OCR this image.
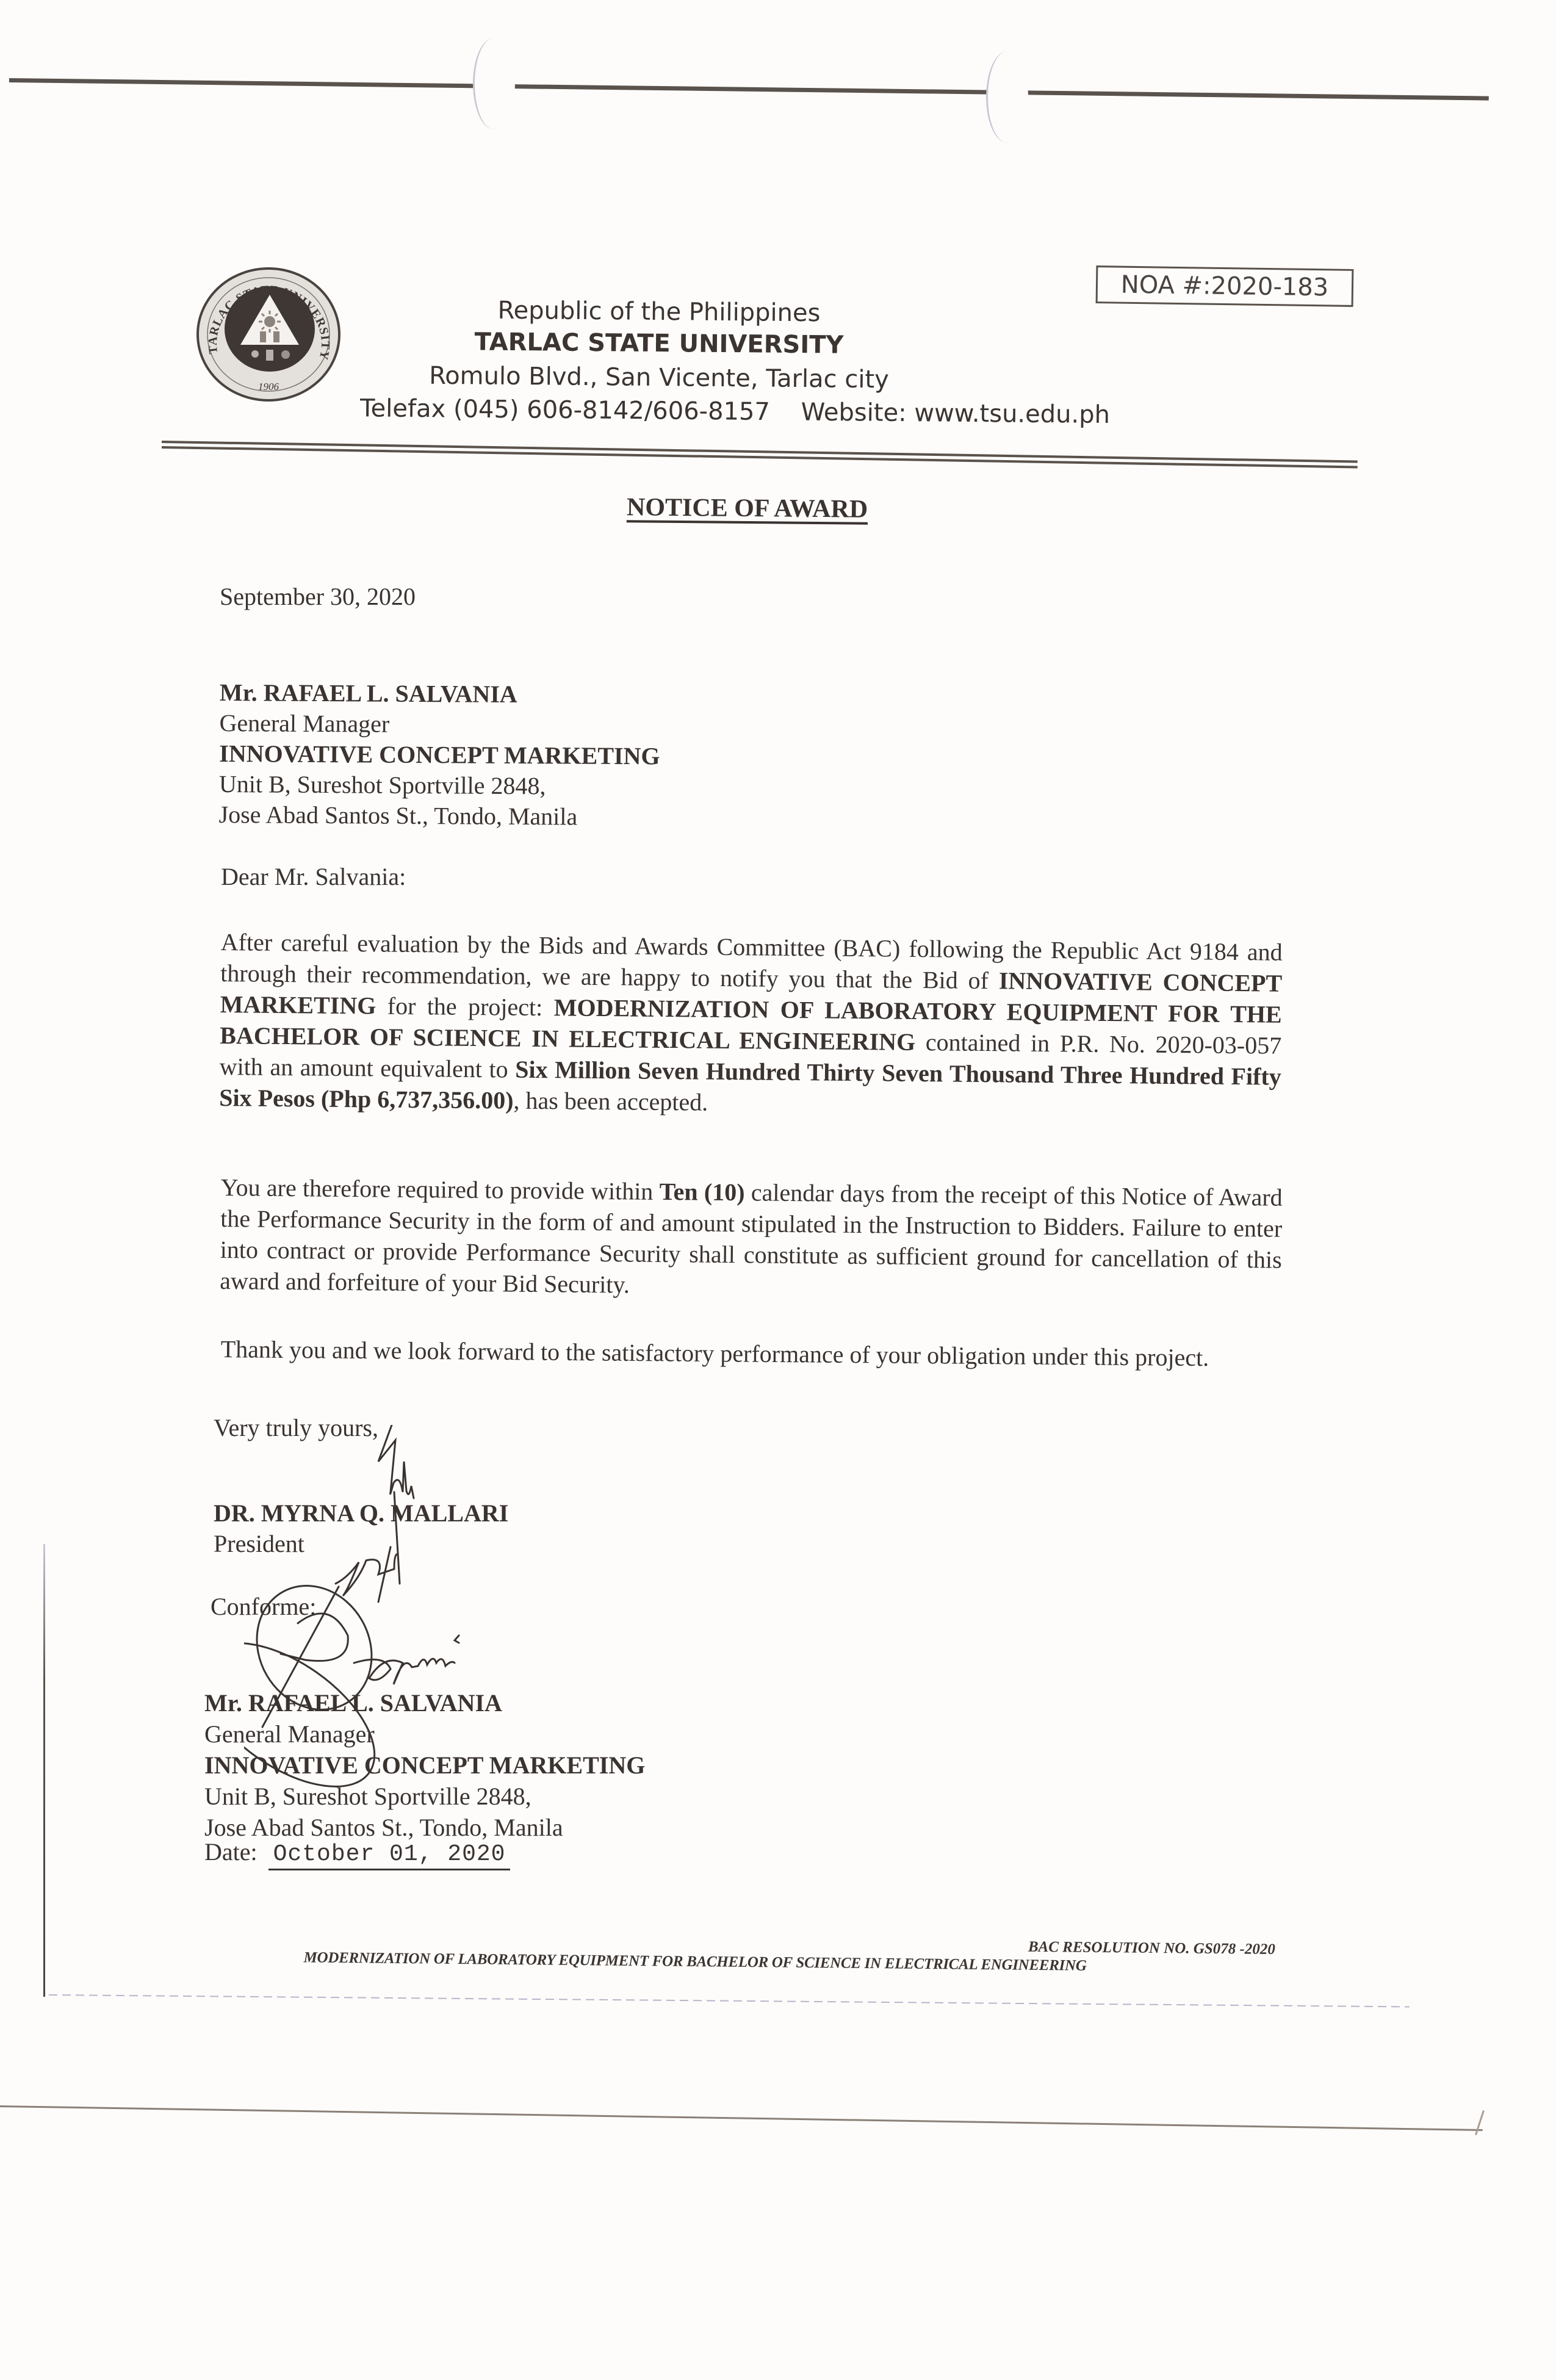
TARLAC STATE UNIVERSITY
1906
Republic of the Philippines
TARLAC STATE UNIVERSITY
Romulo Blvd., San Vicente, Tarlac city
Telefax (045) 606-8142/606-8157 Website: www.tsu.edu.ph
NOA #:2020-183
NOTICE OF AWARD
September 30, 2020
Mr. RAFAEL L. SALVANIA
General Manager
INNOVATIVE CONCEPT MARKETING
Unit B, Sureshot Sportville 2848,
Jose Abad Santos St., Tondo, Manila
Dear Mr. Salvania:
After careful evaluation by the Bids and Awards Committee (BAC) following the Republic Act 9184 and through their recommendation, we are happy to notify you that the Bid of INNOVATIVE CONCEPT MARKETING for the project: MODERNIZATION OF LABORATORY EQUIPMENT FOR THE BACHELOR OF SCIENCE IN ELECTRICAL ENGINEERING contained in P.R. No. 2020-03-057 with an amount equivalent to Six Million Seven Hundred Thirty Seven Thousand Three Hundred Fifty Six Pesos (Php 6,737,356.00), has been accepted.
You are therefore required to provide within Ten (10) calendar days from the receipt of this Notice of Award the Performance Security in the form of and amount stipulated in the Instruction to Bidders. Failure to enter into contract or provide Performance Security shall constitute as sufficient ground for cancellation of this award and forfeiture of your Bid Security.
Thank you and we look forward to the satisfactory performance of your obligation under this project.
Very truly yours,
DR. MYRNA Q. MALLARI
President
Conforme:
Mr. RAFAEL L. SALVANIA
General Manager
INNOVATIVE CONCEPT MARKETING
Unit B, Sureshot Sportville 2848,
Jose Abad Santos St., Tondo, Manila
Date: October 01, 2020
BAC RESOLUTION NO. GS078 -2020
MODERNIZATION OF LABORATORY EQUIPMENT FOR BACHELOR OF SCIENCE IN ELECTRICAL ENGINEERING
